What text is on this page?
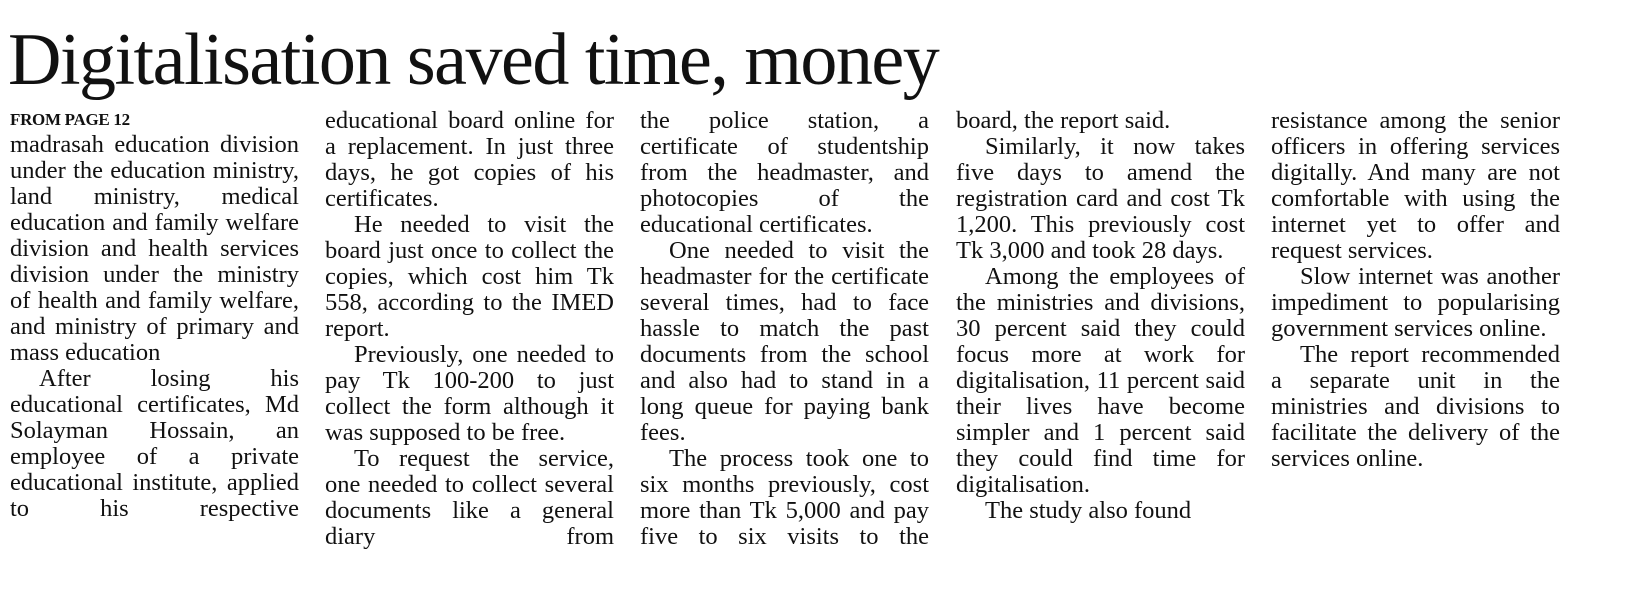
Digitalisation saved time, money
FROM PAGE 12

madrasah education division under the education ministry, land ministry, medical education and family welfare division and health services division under the ministry of health and family welfare, and ministry of primary and mass education

After losing his educational certificates, Md Solayman Hossain, an employee of a private educational institute, applied to his respective

educational board online for a replacement. In just three days, he got copies of his certificates.

He needed to visit the board just once to collect the copies, which cost him Tk 558, according to the IMED report.

Previously, one needed to pay Tk 100-200 to just collect the form although it was supposed to be free.

To request the service, one needed to collect several documents like a general diary from

the police station, a certificate of studentship from the headmaster, and photocopies of the educational certificates.

One needed to visit the headmaster for the certificate several times, had to face hassle to match the past documents from the school and also had to stand in a long queue for paying bank fees.

The process took one to six months previously, cost more than Tk 5,000 and pay five to six visits to the

board, the report said.

Similarly, it now takes five days to amend the registration card and cost Tk 1,200. This previously cost Tk 3,000 and took 28 days.

Among the employees of the ministries and divisions, 30 percent said they could focus more at work for digitalisation, 11 percent said their lives have become simpler and 1 percent said they could find time for digitalisation.

The study also found

resistance among the senior officers in offering services digitally. And many are not comfortable with using the internet yet to offer and request services.

Slow internet was another impediment to popularising government services online.

The report recommended a separate unit in the ministries and divisions to facilitate the delivery of the services online.
